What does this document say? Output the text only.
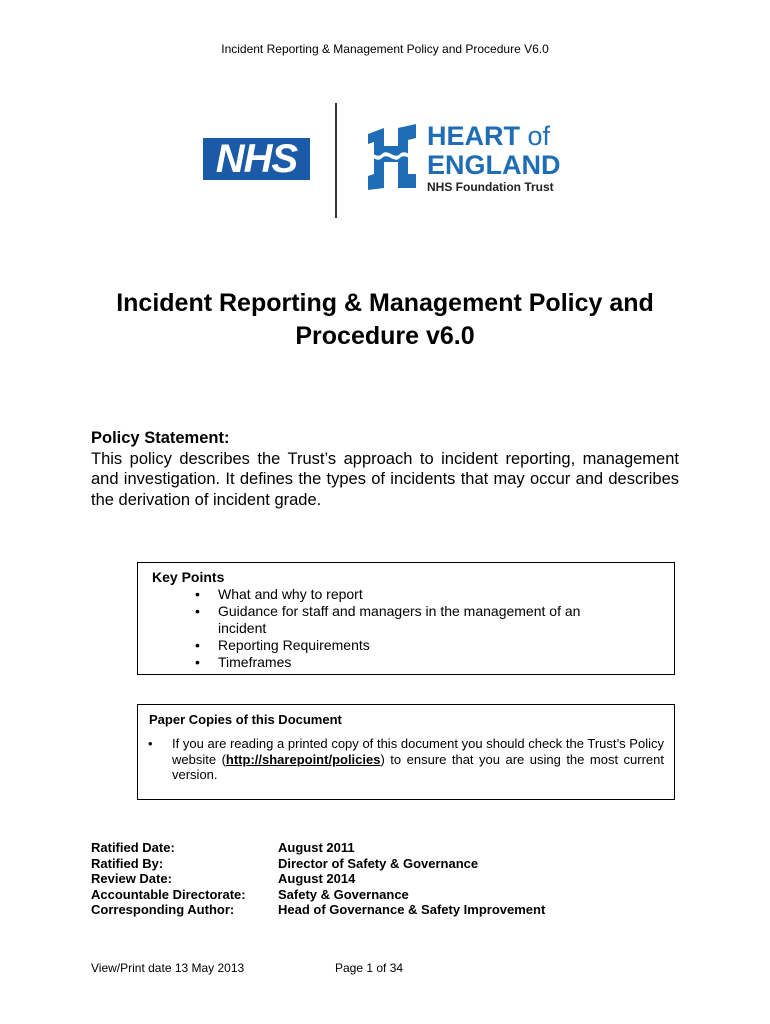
Incident Reporting & Management Policy and Procedure V6.0
NHS
HEART of
ENGLAND
NHS Foundation Trust
Incident Reporting & Management Policy and
Procedure v6.0
Policy Statement:
This policy describes the Trust’s approach to incident reporting, management and investigation. It defines the types of incidents that may occur and describes the derivation of incident grade.
Key Points
• What and why to report
• Guidance for staff and managers in the management of an incident
• Reporting Requirements
• Timeframes
Paper Copies of this Document
• If you are reading a printed copy of this document you should check the Trust’s Policy website (http://sharepoint/policies) to ensure that you are using the most current version.
Ratified Date:	August 2011
Ratified By:	Director of Safety & Governance
Review Date:	August 2014
Accountable Directorate:	Safety & Governance
Corresponding Author:	Head of Governance & Safety Improvement
View/Print date 13 May 2013	Page 1 of 34
